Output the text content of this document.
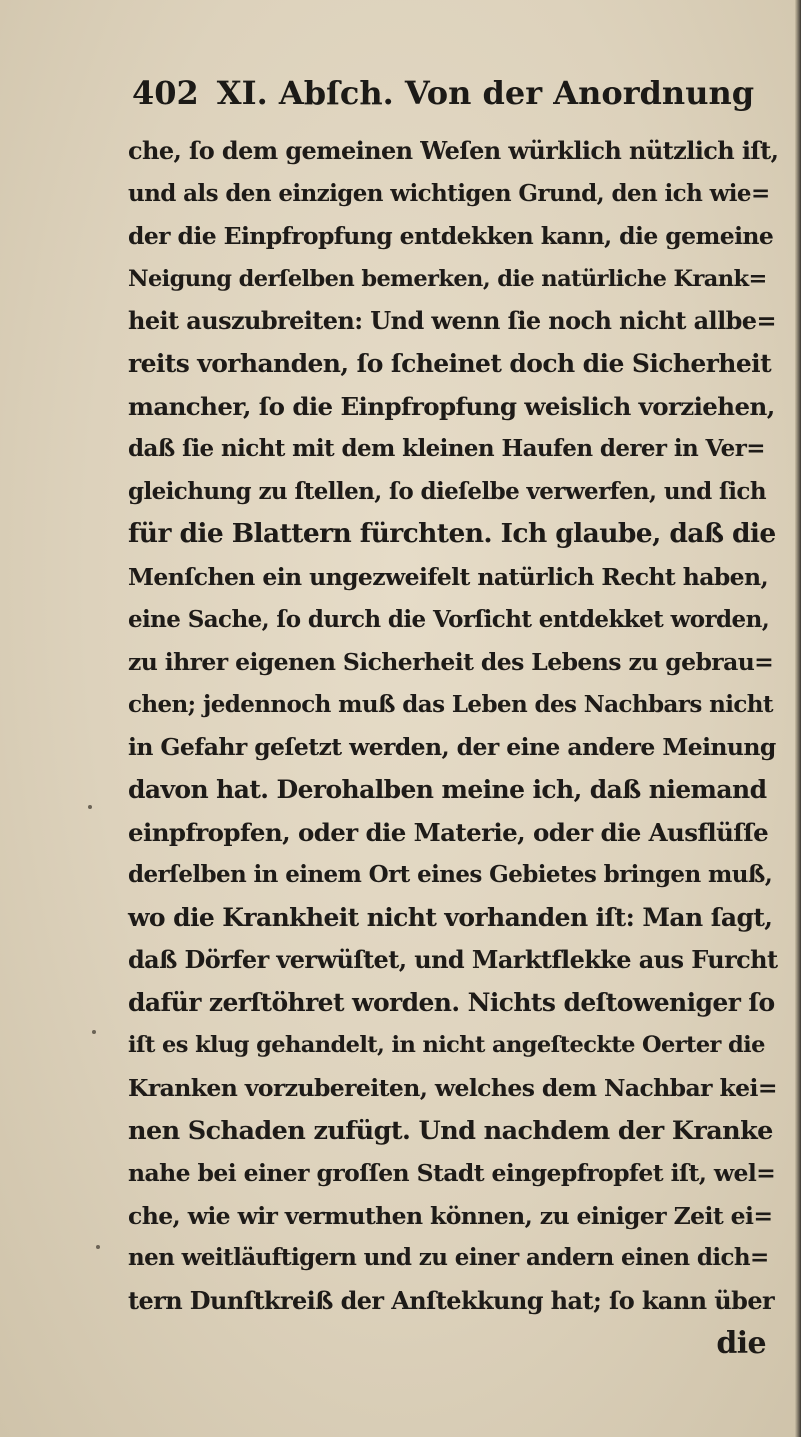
402 XI. Abſch. Von der Anordnung
che, ſo dem gemeinen Weſen würklich nützlich iſt,
und als den einzigen wichtigen Grund, den ich wie=
der die Einpfropfung entdekken kann, die gemeine
Neigung derſelben bemerken, die natürliche Krank=
heit auszubreiten: Und wenn ſie noch nicht allbe=
reits vorhanden, ſo ſcheinet doch die Sicherheit
mancher, ſo die Einpfropfung weislich vorziehen,
daß ſie nicht mit dem kleinen Haufen derer in Ver=
gleichung zu ſtellen, ſo dieſelbe verwerfen, und ſich
für die Blattern fürchten. Ich glaube, daß die
Menſchen ein ungezweifelt natürlich Recht haben,
eine Sache, ſo durch die Vorſicht entdekket worden,
zu ihrer eigenen Sicherheit des Lebens zu gebrau=
chen; jedennoch muß das Leben des Nachbars nicht
in Gefahr geſetzt werden, der eine andere Meinung
davon hat. Derohalben meine ich, daß niemand
einpfropfen, oder die Materie, oder die Ausflüſſe
derſelben in einem Ort eines Gebietes bringen muß,
wo die Krankheit nicht vorhanden iſt: Man ſagt,
daß Dörfer verwüſtet, und Marktflekke aus Furcht
dafür zerſtöhret worden. Nichts deſtoweniger ſo
iſt es klug gehandelt, in nicht angeſteckte Oerter die
Kranken vorzubereiten, welches dem Nachbar kei=
nen Schaden zufügt. Und nachdem der Kranke
nahe bei einer groſſen Stadt eingepfropfet iſt, wel=
che, wie wir vermuthen können, zu einiger Zeit ei=
nen weitläuftigern und zu einer andern einen dich=
tern Dunſtkreiß der Anſtekkung hat; ſo kann über
die
